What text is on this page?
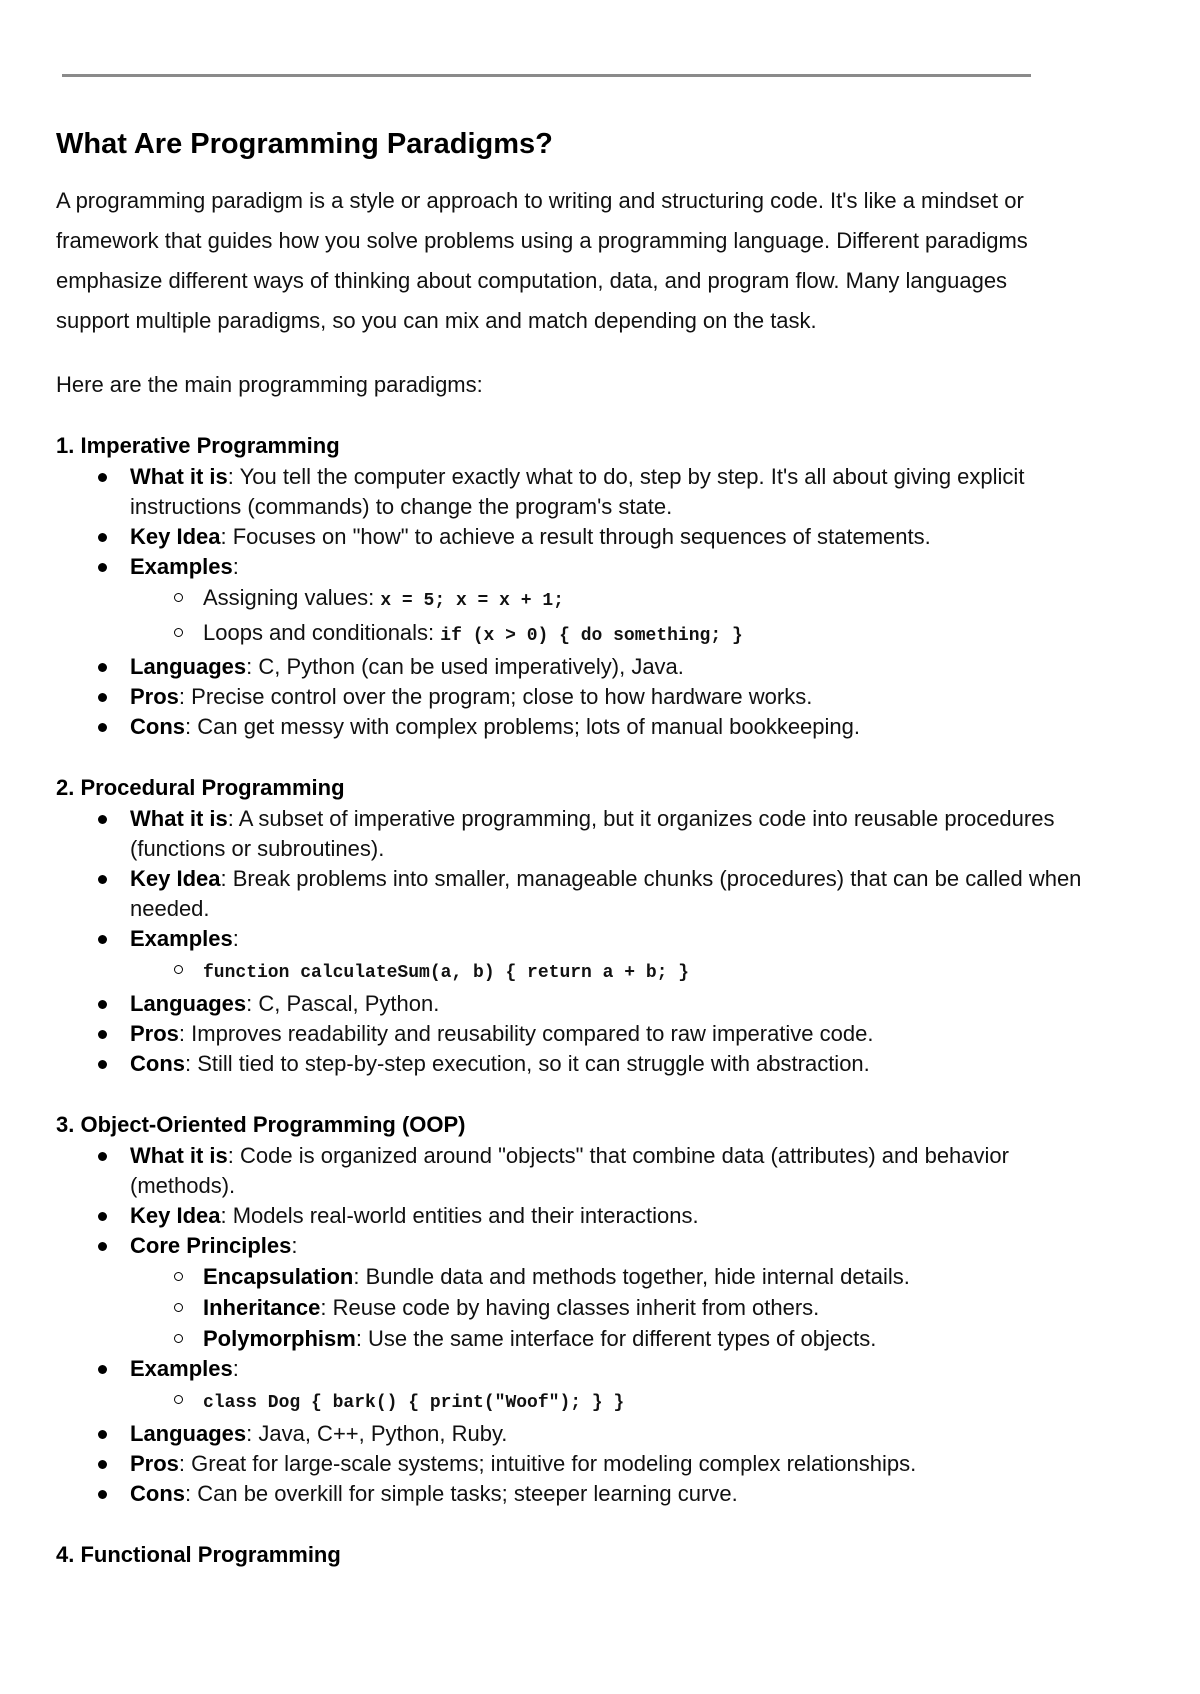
What Are Programming Paradigms?

A programming paradigm is a style or approach to writing and structuring code. It's like a mindset or framework that guides how you solve problems using a programming language. Different paradigms emphasize different ways of thinking about computation, data, and program flow. Many languages support multiple paradigms, so you can mix and match depending on the task.

Here are the main programming paradigms:

1. Imperative Programming
What it is: You tell the computer exactly what to do, step by step. It's all about giving explicit instructions (commands) to change the program's state.
Key Idea: Focuses on "how" to achieve a result through sequences of statements.
Examples:
Assigning values: x = 5; x = x + 1;
Loops and conditionals: if (x > 0) { do something; }
Languages: C, Python (can be used imperatively), Java.
Pros: Precise control over the program; close to how hardware works.
Cons: Can get messy with complex problems; lots of manual bookkeeping.
2. Procedural Programming
What it is: A subset of imperative programming, but it organizes code into reusable procedures (functions or subroutines).
Key Idea: Break problems into smaller, manageable chunks (procedures) that can be called when needed.
Examples:
function calculateSum(a, b) { return a + b; }
Languages: C, Pascal, Python.
Pros: Improves readability and reusability compared to raw imperative code.
Cons: Still tied to step-by-step execution, so it can struggle with abstraction.
3. Object-Oriented Programming (OOP)
What it is: Code is organized around "objects" that combine data (attributes) and behavior (methods).
Key Idea: Models real-world entities and their interactions.
Core Principles:
Encapsulation: Bundle data and methods together, hide internal details.
Inheritance: Reuse code by having classes inherit from others.
Polymorphism: Use the same interface for different types of objects.
Examples:
class Dog { bark() { print("Woof"); } }
Languages: Java, C++, Python, Ruby.
Pros: Great for large-scale systems; intuitive for modeling complex relationships.
Cons: Can be overkill for simple tasks; steeper learning curve.
4. Functional Programming
